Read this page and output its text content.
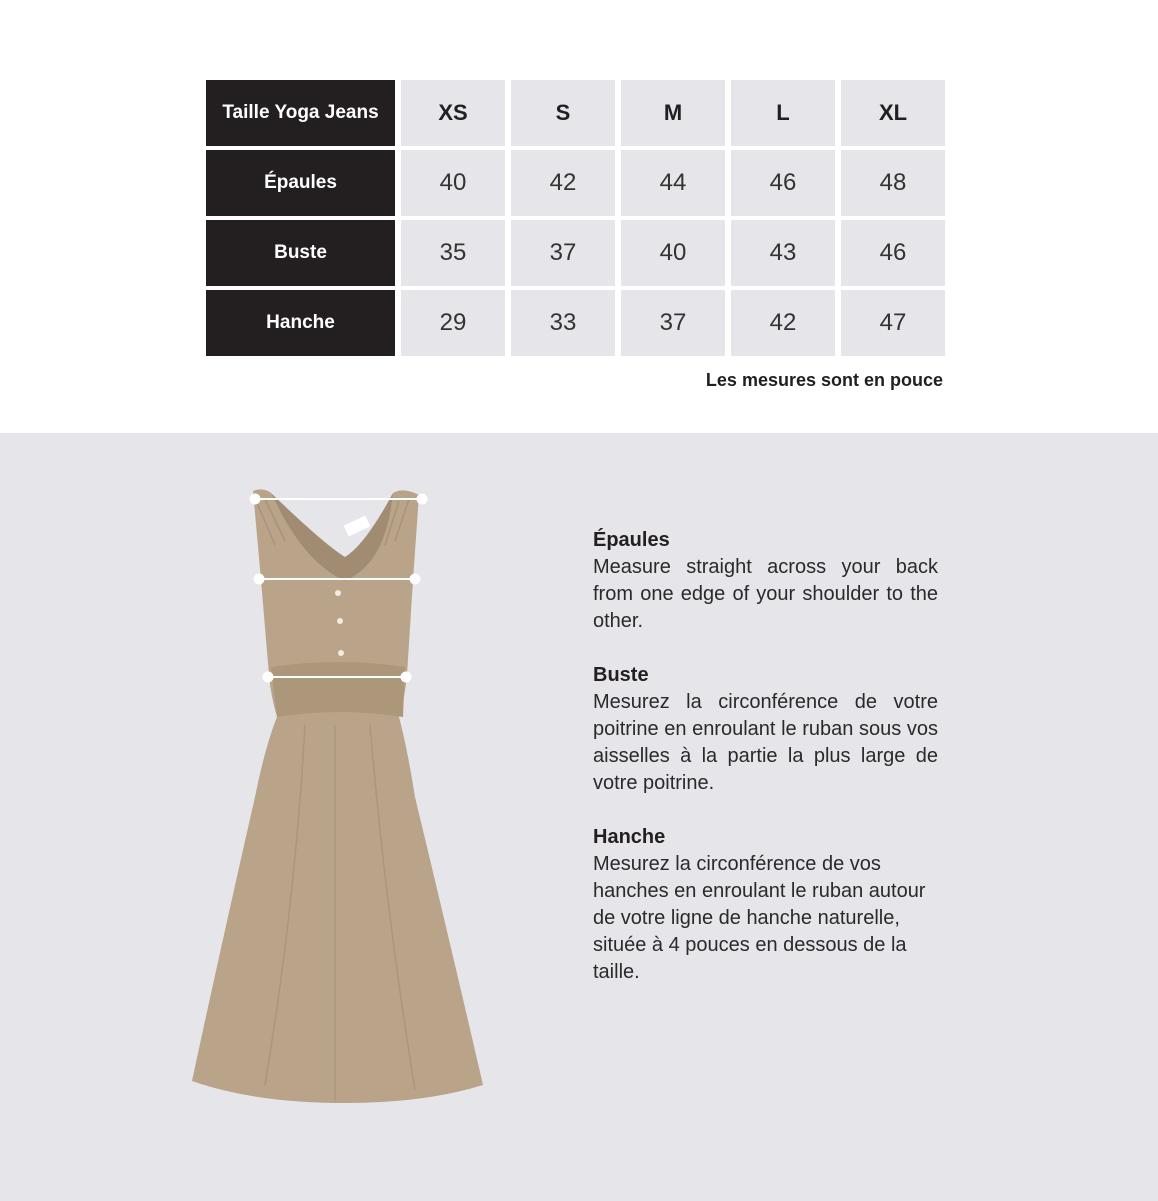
Taille Yoga Jeans	XS	S	M	L	XL
Épaules	40	42	44	46	48
Buste	35	37	40	43	46
Hanche	29	33	37	42	47
Les mesures sont en pouce
Épaules
Measure straight across your back from one edge of your shoulder to the other.
Buste
Mesurez la circonférence de votre poitrine en enroulant le ruban sous vos aisselles à la partie la plus large de votre poitrine.
Hanche
Mesurez la circonférence de vos hanches en enroulant le ruban autour de votre ligne de hanche naturelle, située à 4 pouces en dessous de la taille.
